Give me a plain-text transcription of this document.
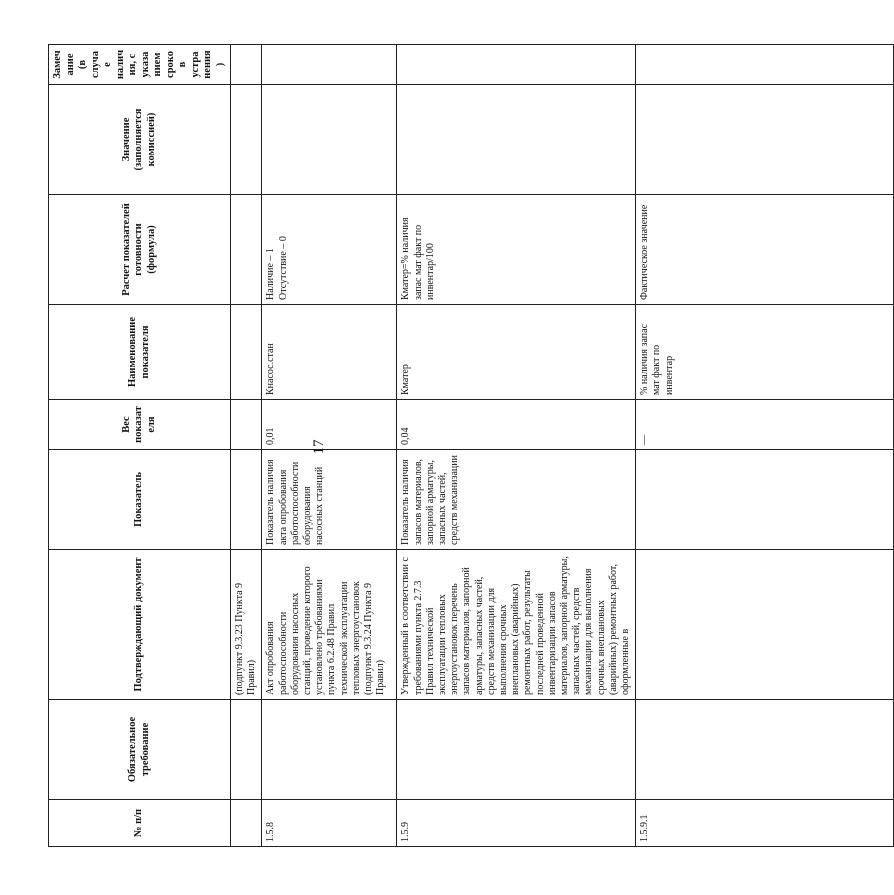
17
№ п/п	Обязательное требование	Подтверждающий документ	Показатель	Вес показателя	Наименование показателя	Расчет показателей готовности (формула)	Значение (заполняется комиссией)	Замечание (в случае наличия, с указанием сроков устранения)
		(подпункт 9.3.23 Пункта 9 Правил)						
1.5.8		Акт опробования работоспособности оборудования насосных станций, проведение которого установлено требованиями пункта 6.2.48 Правил технической эксплуатации тепловых энергоустановок (подпункт 9.3.24 Пункта 9 Правил)	Показатель наличия акта опробования работоспособности оборудования насосных станций	0,01	Кнасос.стан	Наличие – 1 Отсутствие – 0		
1.5.9		Утвержденный в соответствии с требованиями пункта 2.7.3 Правил технической эксплуатации тепловых энергоустановок перечень запасов материалов, запорной арматуры, запасных частей, средств механизации для выполнения срочных внеплановых (аварийных) ремонтных работ, результаты последней проведенной инвентаризации запасов материалов, запорной арматуры, запасных частей, средств механизации для выполнения срочных внеплановых (аварийных) ремонтных работ, оформленные в	Показатель наличия запасов материалов, запорной арматуры, запасных частей, средств механизации	0,04	Кматер	Кматер=% наличия запас мат факт по инвентар/100		
1.5.9.1				—	% наличия запас мат факт по инвентар	Фактическое значение		
